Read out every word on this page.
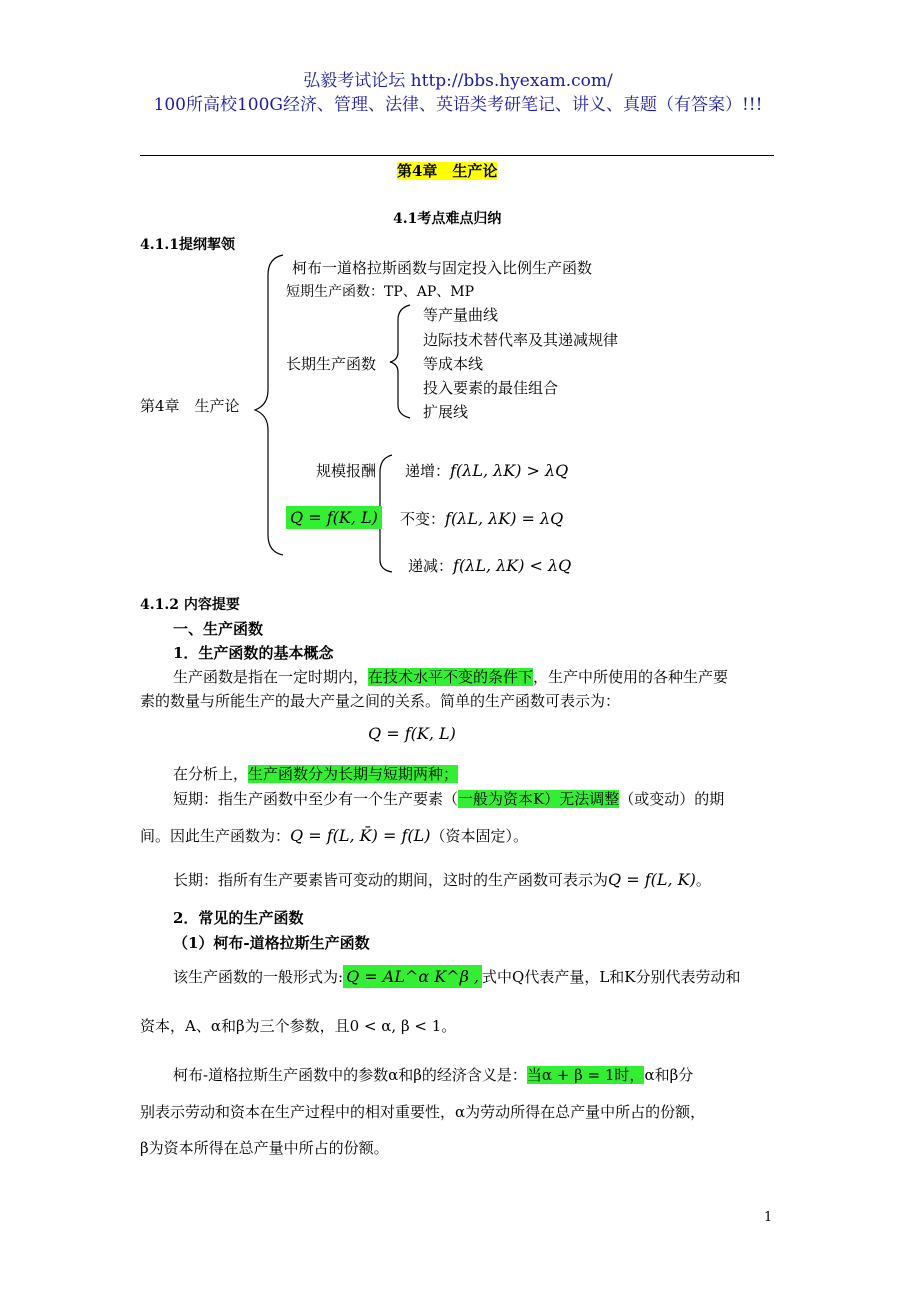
弘毅考试论坛 http://bbs.hyexam.com/
100所高校100G经济、管理、法律、英语类考研笔记、讲义、真题（有答案）!!!
第4章　生产论
4.1考点难点归纳
4.1.1提纲挈领
第4章　生产论
柯布一道格拉斯函数与固定投入比例生产函数
短期生产函数：TP、AP、MP
长期生产函数
等产量曲线
边际技术替代率及其递减规律
等成本线
投入要素的最佳组合
扩展线
规模报酬
Q = f(K, L)
递增：f(λL, λK) > λQ
不变：f(λL, λK) = λQ
递减：f(λL, λK) < λQ
4.1.2 内容提要
一、生产函数
1．生产函数的基本概念
生产函数是指在一定时期内，在技术水平不变的条件下，生产中所使用的各种生产要
素的数量与所能生产的最大产量之间的关系。简单的生产函数可表示为：
Q = f(K, L)
在分析上，生产函数分为长期与短期两种；
短期：指生产函数中至少有一个生产要素（一般为资本K）无法调整（或变动）的期
间。因此生产函数为：Q = f(L, K̄) = f(L)（资本固定）。
长期：指所有生产要素皆可变动的期间，这时的生产函数可表示为Q = f(L, K)。
2．常见的生产函数
（1）柯布-道格拉斯生产函数
该生产函数的一般形式为: Q = AL^α K^β , 式中Q代表产量，L和K分别代表劳动和
资本，A、α和β为三个参数，且0 < α, β < 1。
柯布-道格拉斯生产函数中的参数α和β的经济含义是：当α + β = 1时，α和β分
别表示劳动和资本在生产过程中的相对重要性，α为劳动所得在总产量中所占的份额，
β为资本所得在总产量中所占的份额。
1
